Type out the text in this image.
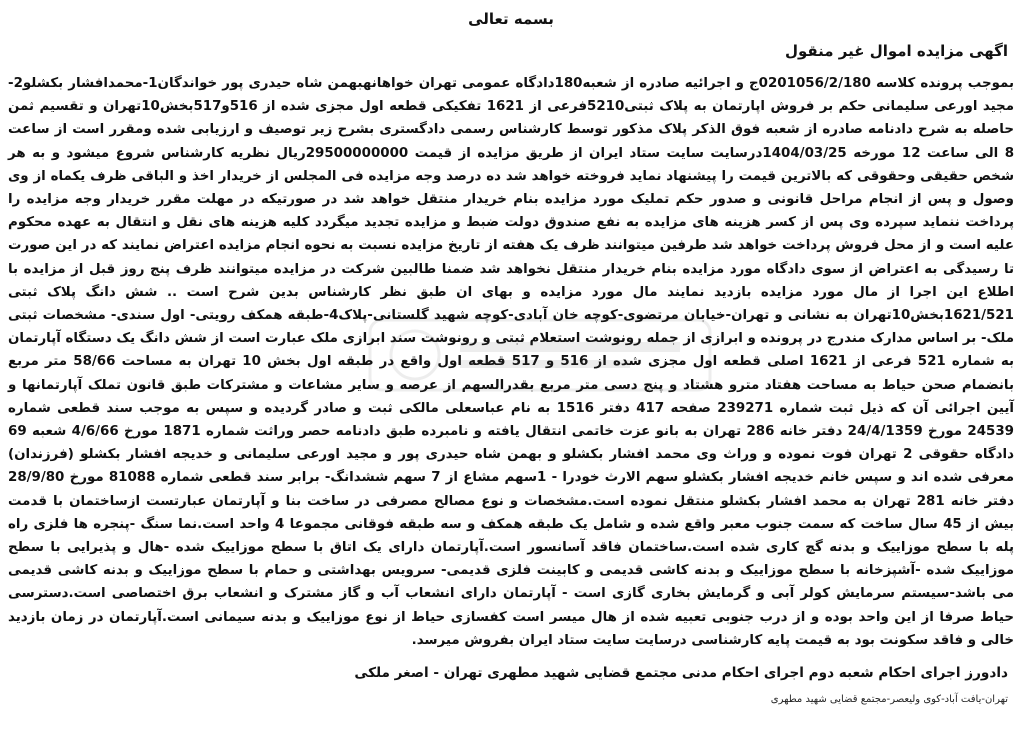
بسمه تعالی
اگهی مزایده اموال غیر منقول

بموجب پرونده کلاسه 0201056/2/180ج و اجرائیه صادره از شعبه180دادگاه عمومی تهران خواهانهبهمن شاه حیدری پور خواندگان1-محمدافشار بکشلو2-مجید اورعی سلیمانی حکم بر فروش اپارتمان به پلاک ثبتی5210فرعی از 1621 تفکیکی قطعه اول مجزی شده از 516و517بخش10تهران و تقسیم ثمن حاصله به شرح دادنامه صادره از شعبه فوق الذکر پلاک مذکور توسط کارشناس رسمی دادگستری بشرح زیر توصیف و ارزیابی شده ومقرر است از ساعت 8 الی ساعت 12 مورخه 1404/03/25درسایت سایت ستاد ایران از طریق مزایده از قیمت 29500000000ریال نظریه کارشناس شروع میشود و به هر شخص حقیقی وحقوقی که بالاترین قیمت را پیشنهاد نماید فروخته خواهد شد ده درصد وجه مزایده فی المجلس از خریدار اخذ و الباقی ظرف یکماه از وی وصول و پس از انجام مراحل قانونی و صدور حکم تملیک مورد مزایده بنام خریدار منتقل خواهد شد در صورتیکه در مهلت مقرر خریدار وجه مزایده را پرداخت ننماید سپرده وی پس از کسر هزینه های مزایده به نفع صندوق دولت ضبط و مزایده تجدید میگردد کلیه هزینه های نقل و انتقال به عهده محکوم علیه است و از محل فروش پرداخت خواهد شد طرفین میتوانند ظرف یک هفته از تاریخ مزایده نسبت به نحوه انجام مزایده اعتراض نمایند که در این صورت تا رسیدگی به اعتراض از سوی دادگاه مورد مزایده بنام خریدار منتقل نخواهد شد ضمنا طالبین شرکت در مزایده میتوانند ظرف پنج روز قبل از مزایده با اطلاع این اجرا از مال مورد مزایده بازدید نمایند مال مورد مزایده و بهای ان طبق نظر کارشناس بدین شرح است .. شش دانگ پلاک ثبتی 1621/521بخش10تهران به نشانی و تهران-خیابان مرتضوی-کوچه خان آبادی-کوچه شهید گلستانی-پلاک4-طبقه همکف رویتی- اول سندی- مشخصات ثبتی ملک- بر اساس مدارک مندرج در پرونده و ابرازی از جمله رونوشت استعلام ثبتی و رونوشت سند ابرازی ملک عبارت است از شش دانگ یک دستگاه آپارتمان به شماره 521 فرعی از 1621 اصلی قطعه اول مجزی شده از 516 و 517 قطعه اول واقع در طبقه اول بخش 10 تهران به مساحت 58/66 متر مربع بانضمام صحن حیاط به مساحت هفتاد مترو هشتاد و پنج دسی متر مربع بقدرالسهم از عرصه و سایر مشاعات و مشترکات طبق قانون تملک آپارتمانها و آیین اجرائی آن که ذیل ثبت شماره 239271 صفحه 417 دفتر 1516 به نام عباسعلی مالکی ثبت و صادر گردیده و سپس به موجب سند قطعی شماره 24539 مورخ 24/4/1359 دفتر خانه 286 تهران به بانو عزت خاتمی انتقال یافته و نامبرده طبق دادنامه حصر وراثت شماره 1871 مورخ 4/6/66 شعبه 69 دادگاه حقوقی 2 تهران فوت نموده و وراث وی محمد افشار بکشلو و بهمن شاه حیدری پور و مجید اورعی سلیمانی و خدیجه افشار بکشلو (فرزندان) معرفی شده اند و سپس خانم خدیجه افشار بکشلو سهم الارث خودرا - 1سهم مشاع از 7 سهم ششدانگ- برابر سند قطعی شماره 81088 مورخ 28/9/80 دفتر خانه 281 تهران به محمد افشار بکشلو منتقل نموده است.مشخصات و نوع مصالح مصرفی در ساخت بنا و آپارتمان عبارتست ازساختمان با قدمت بیش از 45 سال ساخت که سمت جنوب معبر واقع شده و شامل یک طبقه همکف و سه طبقه فوقانی مجموعا 4 واحد است.نما سنگ -پنجره ها فلزی راه پله با سطح موزاییک و بدنه گچ کاری شده است.ساختمان فاقد آسانسور است.آپارتمان دارای یک اتاق با سطح موزاییک شده -هال و پذیرایی با سطح موزاییک شده -آشپزخانه با سطح موزاییک و بدنه کاشی قدیمی و کابینت فلزی قدیمی- سرویس بهداشتی و حمام با سطح موزاییک و بدنه کاشی قدیمی می باشد-سیستم سرمایش کولر آبی و گرمایش بخاری گازی است - آپارتمان دارای انشعاب آب و گاز مشترک و انشعاب برق اختصاصی است.دسترسی حیاط صرفا از این واحد بوده و از درب جنوبی تعبیه شده از هال میسر است کفسازی حیاط از نوع موزاییک و بدنه سیمانی است.آپارتمان در زمان بازدید خالی و فاقد سکونت بود به قیمت پایه کارشناسی درسایت سایت ستاد ایران بفروش میرسد.

دادورز اجرای احکام شعبه دوم اجرای احکام مدنی مجتمع قضایی شهید مطهری تهران - اصغر ملکی
تهران-یافت آباد-کوی ولیعصر-مجتمع قضایی شهید مطهری
